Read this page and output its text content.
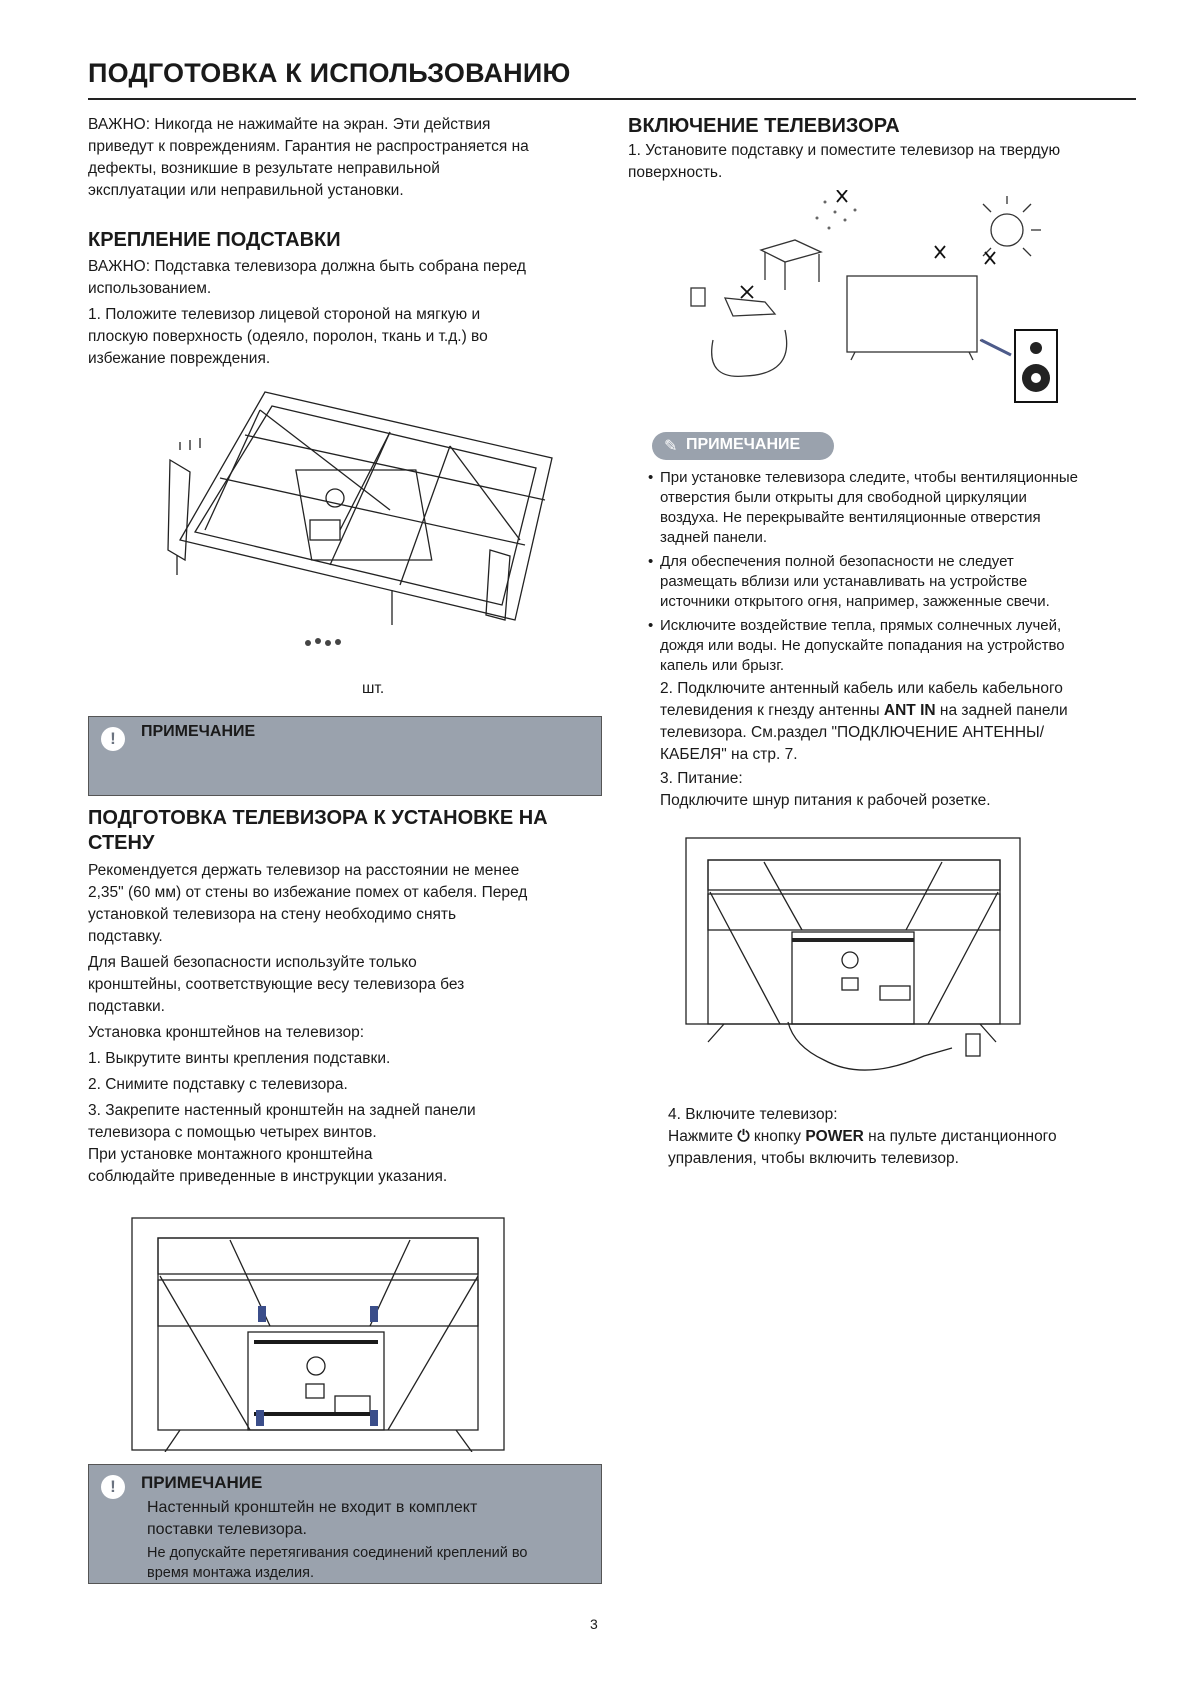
ПОДГОТОВКА К ИСПОЛЬЗОВАНИЮ
ВАЖНО: Никогда не нажимайте на экран. Эти действия
приведут к повреждениям. Гарантия не распространяется на
дефекты, возникшие в результате неправильной
эксплуатации или неправильной установки.
КРЕПЛЕНИЕ ПОДСТАВКИ
ВАЖНО: Подставка телевизора должна быть собрана перед
использованием.
1. Положите телевизор лицевой стороной на мягкую и
плоскую поверхность (одеяло, поролон, ткань и т.д.) во
избежание повреждения.
шт.
!	ПРИМЕЧАНИЕ
ПОДГОТОВКА ТЕЛЕВИЗОРА К УСТАНОВКЕ НА
СТЕНУ
Рекомендуется держать телевизор на расстоянии не менее
2,35" (60 мм) от стены во избежание помех от кабеля. Перед
установкой телевизора на стену необходимо снять
подставку.
Для Вашей безопасности используйте только
кронштейны, соответствующие весу телевизора без
подставки.
Установка кронштейнов на телевизор:
1. Выкрутите винты крепления подставки.
2. Снимите подставку с телевизора.
3. Закрепите настенный кронштейн на задней панели
телевизора с помощью четырех винтов.
При установке монтажного кронштейна
соблюдайте приведенные в инструкции указания.
!	ПРИМЕЧАНИЕ
Настенный кронштейн не входит в комплект
поставки телевизора.
Не допускайте перетягивания соединений креплений во
время монтажа изделия.
ВКЛЮЧЕНИЕ ТЕЛЕВИЗОРА
1. Установите подставку и поместите телевизор на твердую
поверхность.
✎ ПРИМЕЧАНИЕ
• При установке телевизора следите, чтобы вентиляционные
отверстия были открыты для свободной циркуляции
воздуха. Не перекрывайте вентиляционные отверстия
задней панели.
• Для обеспечения полной безопасности не следует
размещать вблизи или устанавливать на устройстве
источники открытого огня, например, зажженные свечи.
• Исключите воздействие тепла, прямых солнечных лучей,
дождя или воды. Не допускайте попадания на устройство
капель или брызг.
2. Подключите антенный кабель или кабель кабельного
телевидения к гнезду антенны ANT IN на задней панели
телевизора. См.раздел "ПОДКЛЮЧЕНИЕ АНТЕННЫ/
КАБЕЛЯ" на стр. 7.
3. Питание:
Подключите шнур питания к рабочей розетке.
4. Включите телевизор:
Нажмите ⏻ кнопку POWER на пульте дистанционного
управления, чтобы включить телевизор.
3
